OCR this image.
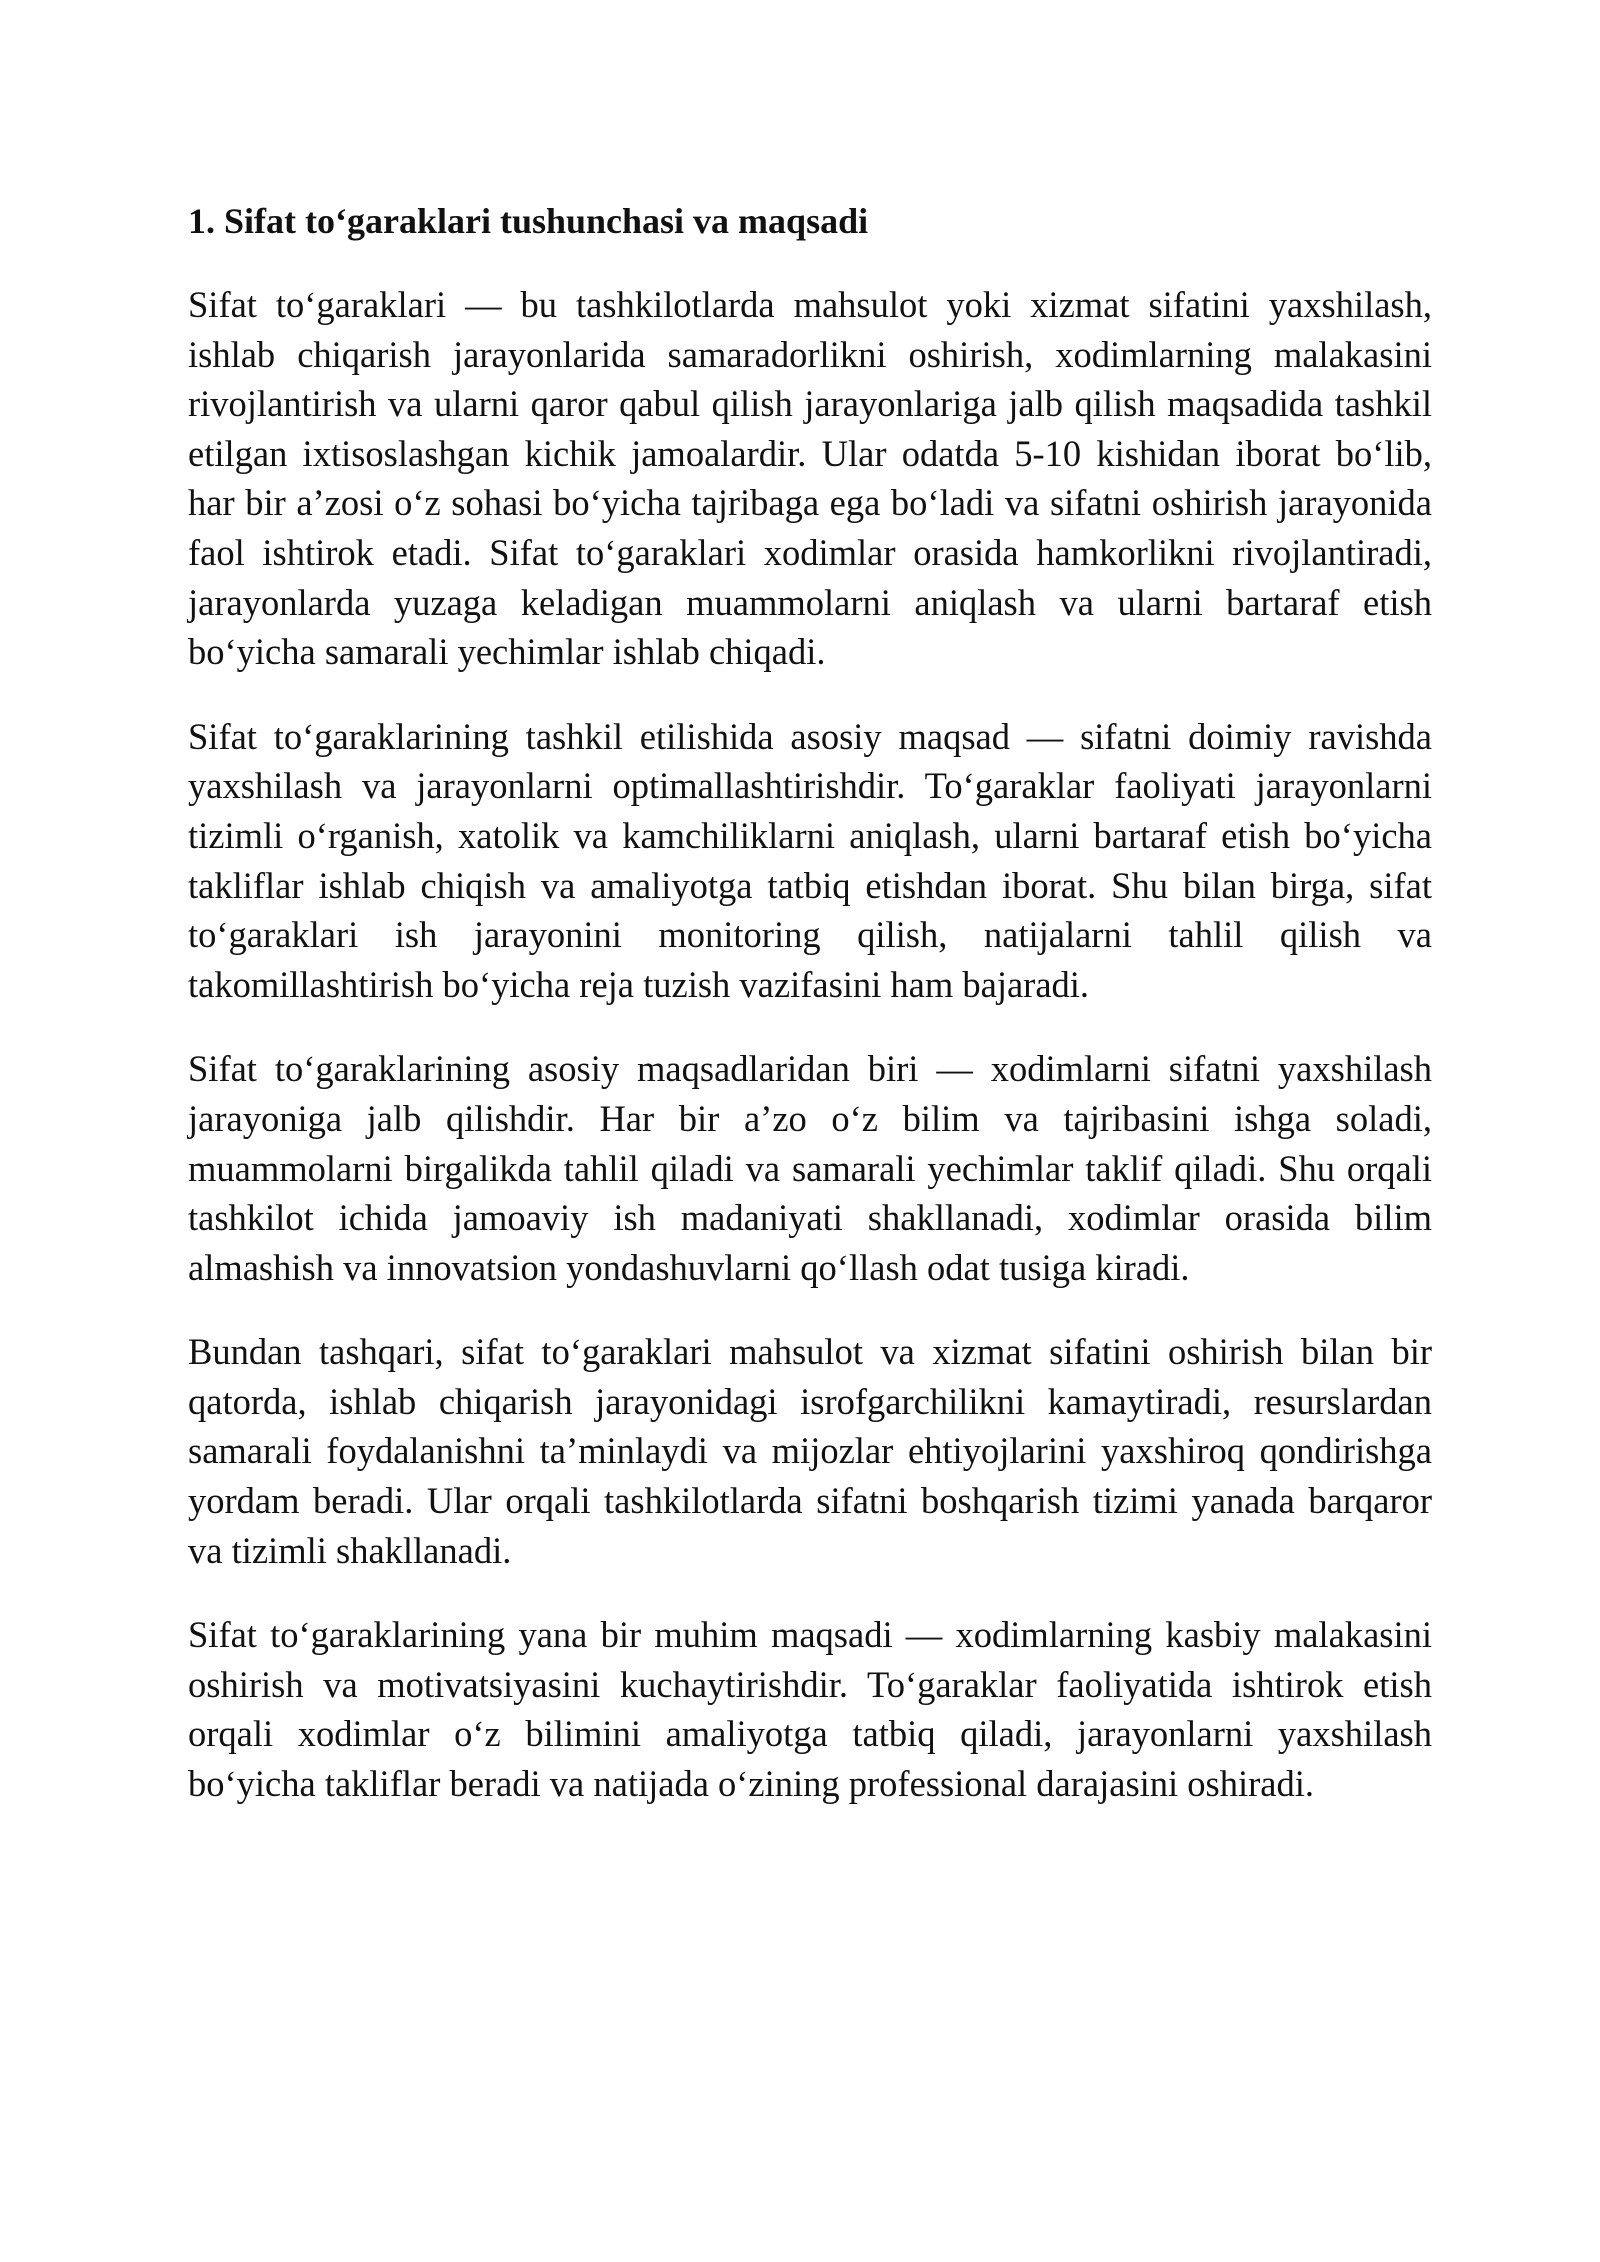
1. Sifat to‘garaklari tushunchasi va maqsadi

Sifat to‘garaklari — bu tashkilotlarda mahsulot yoki xizmat sifatini yaxshilash, ishlab chiqarish jarayonlarida samaradorlikni oshirish, xodimlarning malakasini rivojlantirish va ularni qaror qabul qilish jarayonlariga jalb qilish maqsadida tashkil etilgan ixtisoslashgan kichik jamoalardir. Ular odatda 5-10 kishidan iborat bo‘lib, har bir a’zosi o‘z sohasi bo‘yicha tajribaga ega bo‘ladi va sifatni oshirish jarayonida faol ishtirok etadi. Sifat to‘garaklari xodimlar orasida hamkorlikni rivojlantiradi, jarayonlarda yuzaga keladigan muammolarni aniqlash va ularni bartaraf etish bo‘yicha samarali yechimlar ishlab chiqadi.

Sifat to‘garaklarining tashkil etilishida asosiy maqsad — sifatni doimiy ravishda yaxshilash va jarayonlarni optimallashtirishdir. To‘garaklar faoliyati jarayonlarni tizimli o‘rganish, xatolik va kamchiliklarni aniqlash, ularni bartaraf etish bo‘yicha takliflar ishlab chiqish va amaliyotga tatbiq etishdan iborat. Shu bilan birga, sifat to‘garaklari ish jarayonini monitoring qilish, natijalarni tahlil qilish va takomillashtirish bo‘yicha reja tuzish vazifasini ham bajaradi.

Sifat to‘garaklarining asosiy maqsadlaridan biri — xodimlarni sifatni yaxshilash jarayoniga jalb qilishdir. Har bir a’zo o‘z bilim va tajribasini ishga soladi, muammolarni birgalikda tahlil qiladi va samarali yechimlar taklif qiladi. Shu orqali tashkilot ichida jamoaviy ish madaniyati shakllanadi, xodimlar orasida bilim almashish va innovatsion yondashuvlarni qo‘llash odat tusiga kiradi.

Bundan tashqari, sifat to‘garaklari mahsulot va xizmat sifatini oshirish bilan bir qatorda, ishlab chiqarish jarayonidagi isrofgarchilikni kamaytiradi, resurslardan samarali foydalanishni ta’minlaydi va mijozlar ehtiyojlarini yaxshiroq qondirishga yordam beradi. Ular orqali tashkilotlarda sifatni boshqarish tizimi yanada barqaror va tizimli shakllanadi.

Sifat to‘garaklarining yana bir muhim maqsadi — xodimlarning kasbiy malakasini oshirish va motivatsiyasini kuchaytirishdir. To‘garaklar faoliyatida ishtirok etish orqali xodimlar o‘z bilimini amaliyotga tatbiq qiladi, jarayonlarni yaxshilash bo‘yicha takliflar beradi va natijada o‘zining professional darajasini oshiradi.
